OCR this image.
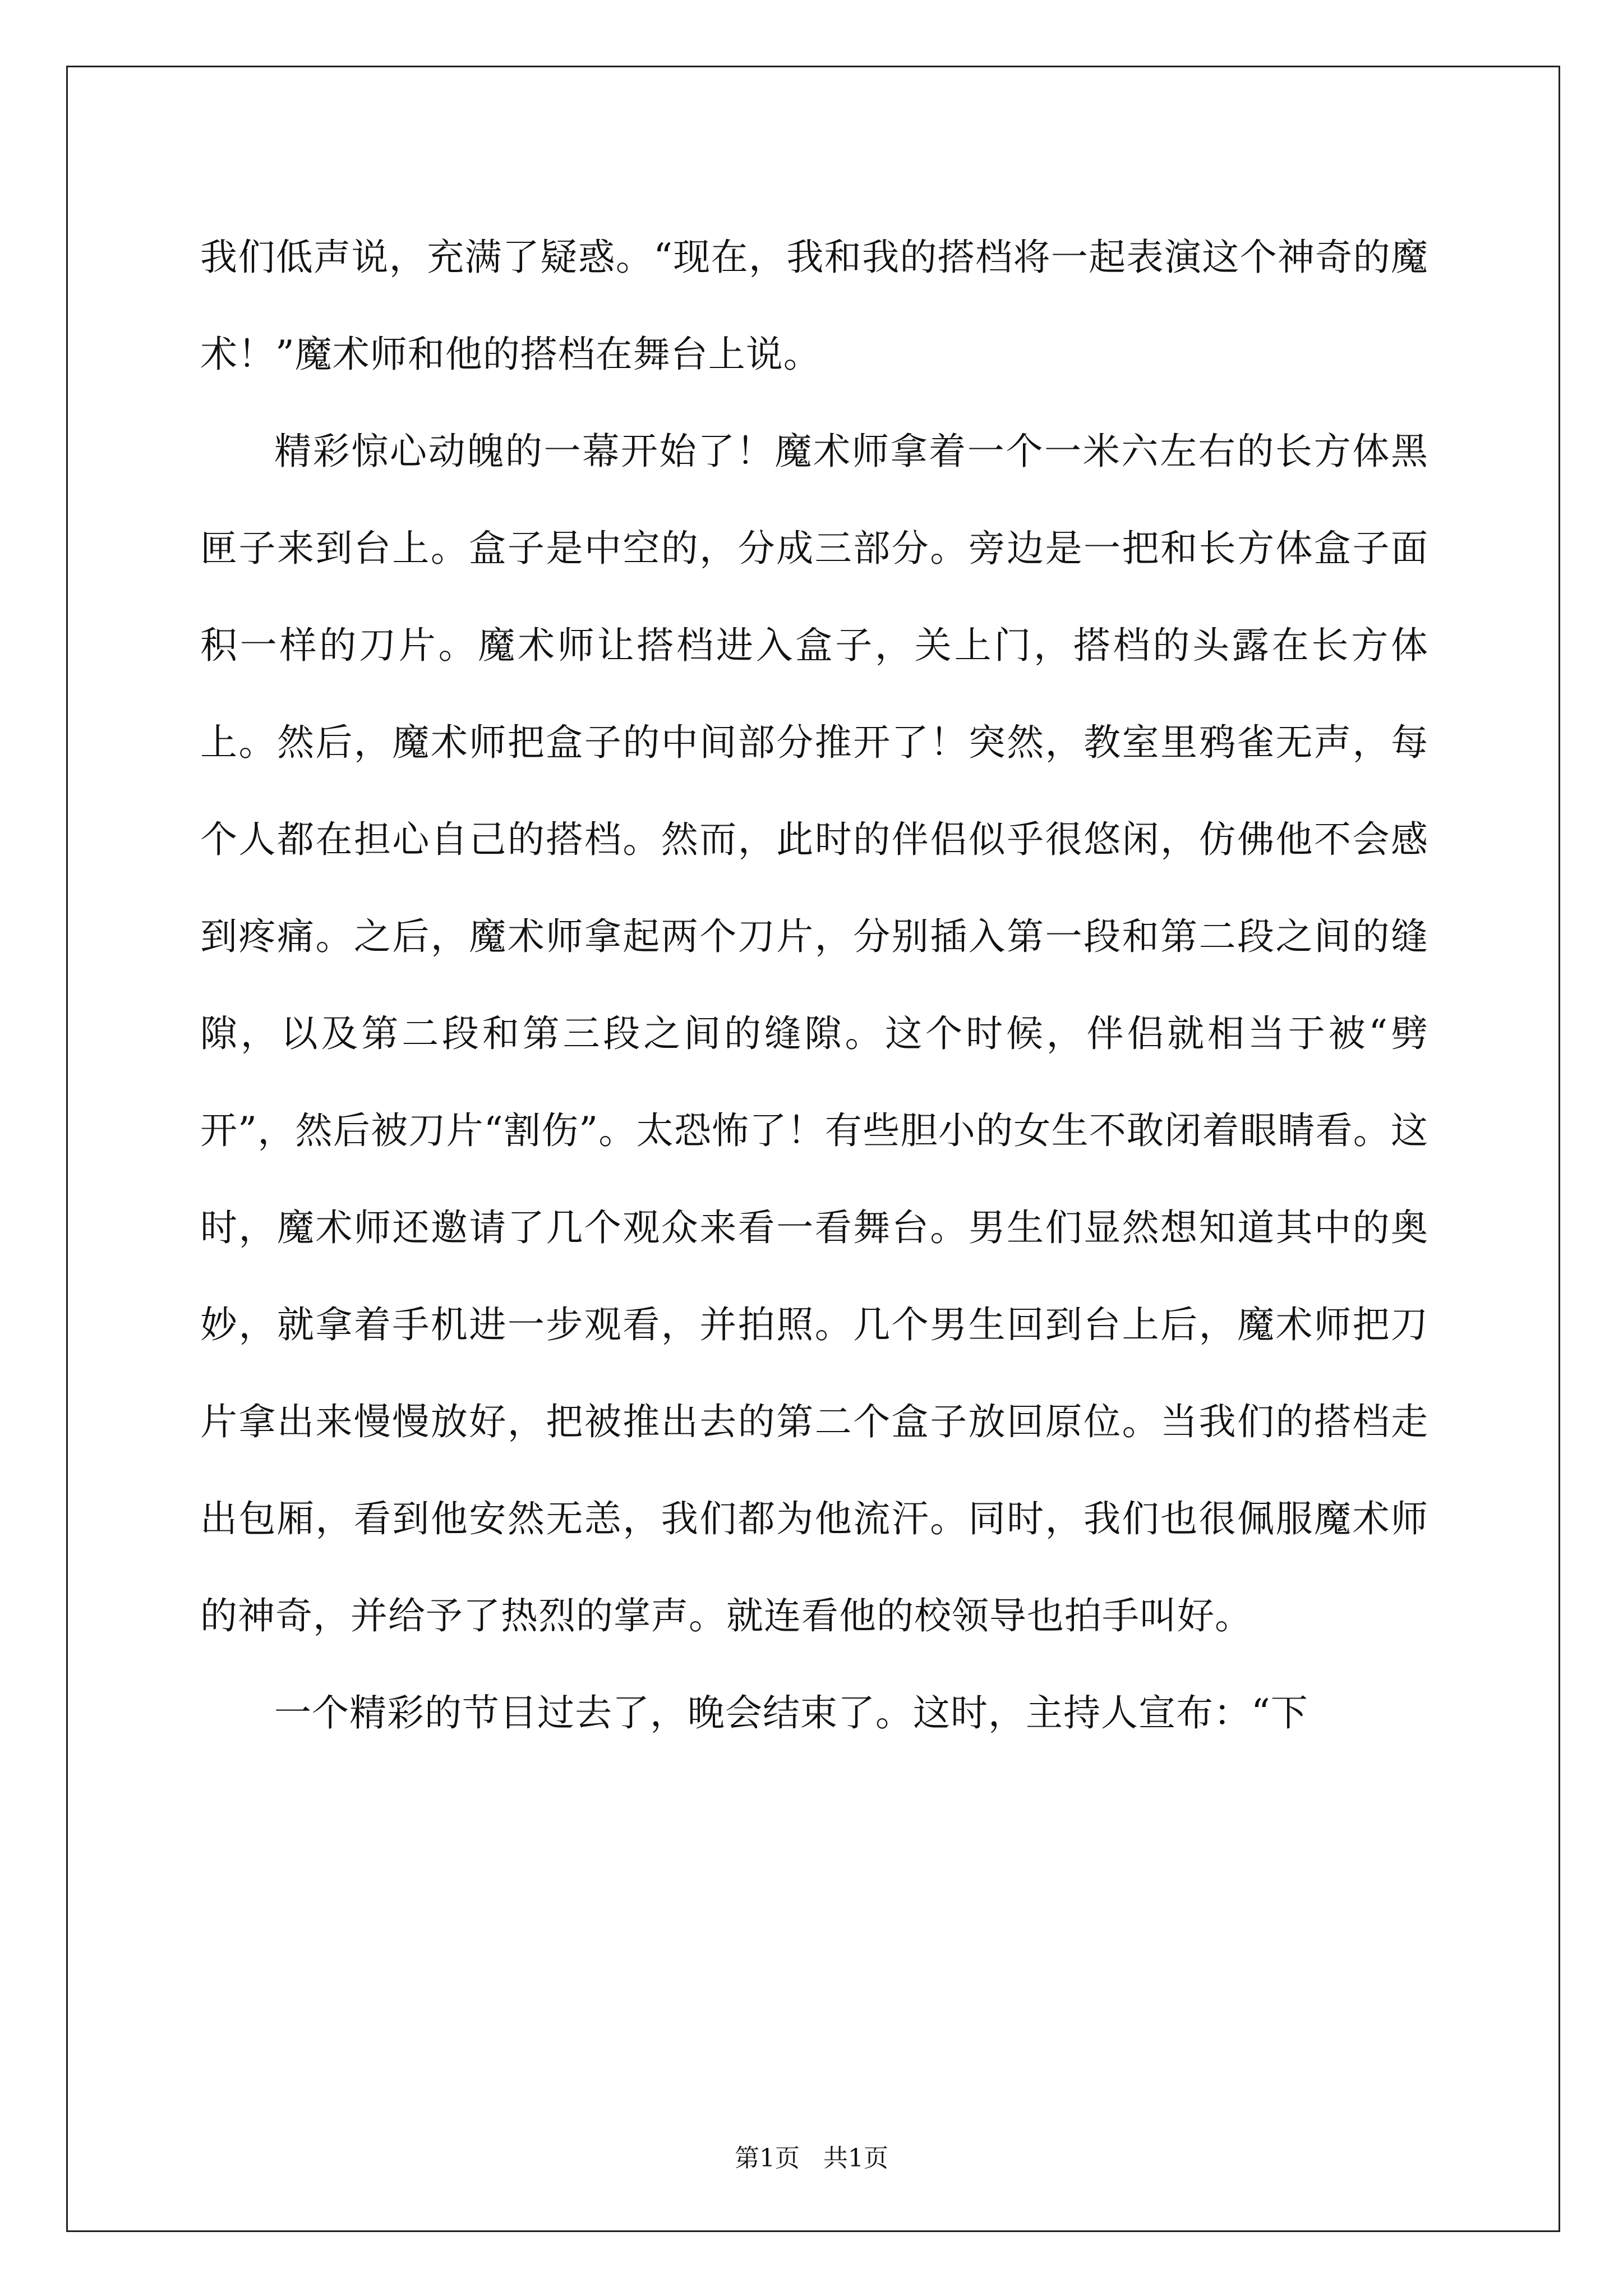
我们低声说，充满了疑惑。“现在，我和我的搭档将一起表演这个神奇的魔术！”魔术师和他的搭档在舞台上说。

精彩惊心动魄的一幕开始了！魔术师拿着一个一米六左右的长方体黑匣子来到台上。盒子是中空的，分成三部分。旁边是一把和长方体盒子面积一样的刀片。魔术师让搭档进入盒子，关上门，搭档的头露在长方体上。然后，魔术师把盒子的中间部分推开了！突然，教室里鸦雀无声，每个人都在担心自己的搭档。然而，此时的伴侣似乎很悠闲，仿佛他不会感到疼痛。之后，魔术师拿起两个刀片，分别插入第一段和第二段之间的缝隙，以及第二段和第三段之间的缝隙。这个时候，伴侣就相当于被“劈开”，然后被刀片“割伤”。太恐怖了！有些胆小的女生不敢闭着眼睛看。这时，魔术师还邀请了几个观众来看一看舞台。男生们显然想知道其中的奥妙，就拿着手机进一步观看，并拍照。几个男生回到台上后，魔术师把刀片拿出来慢慢放好，把被推出去的第二个盒子放回原位。当我们的搭档走出包厢，看到他安然无恙，我们都为他流汗。同时，我们也很佩服魔术师的神奇，并给予了热烈的掌声。就连看他的校领导也拍手叫好。

一个精彩的节目过去了，晚会结束了。这时，主持人宣布：“下

第1页 共1页
